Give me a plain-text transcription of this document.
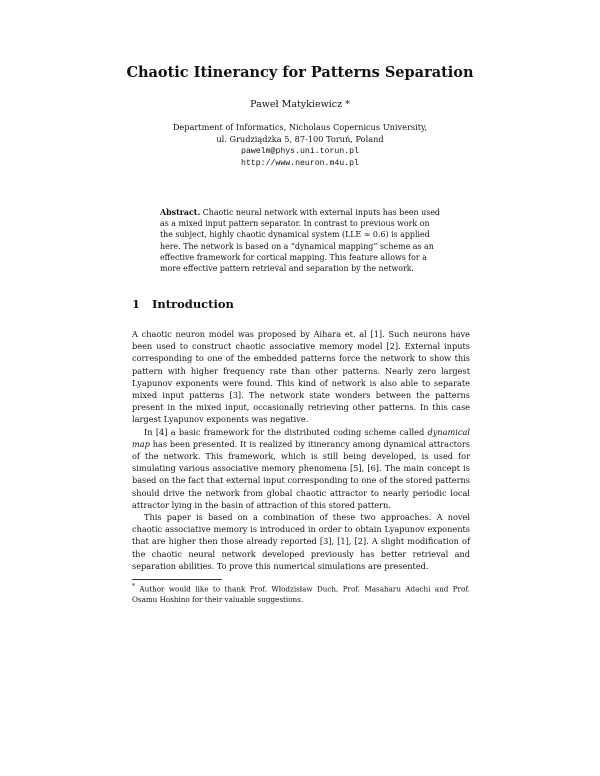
Chaotic Itinerancy for Patterns Separation
Paweł Matykiewicz *
Department of Informatics, Nicholaus Copernicus University,
ul. Grudziądzka 5, 87-100 Toruń, Poland
pawelm@phys.uni.torun.pl
http://www.neuron.m4u.pl
Abstract. Chaotic neural network with external inputs has been used as a mixed input pattern separator. In contrast to previous work on the subject, highly chaotic dynamical system (LLE ≈ 0.6) is applied here. The network is based on a “dynamical mapping” scheme as an effective framework for cortical mapping. This feature allows for a more effective pattern retrieval and separation by the network.
1 Introduction

A chaotic neuron model was proposed by Aihara et. al [1]. Such neurons have been used to construct chaotic associative memory model [2]. External inputs corresponding to one of the embedded patterns force the network to show this pattern with higher frequency rate than other patterns. Nearly zero largest Lyapunov exponents were found. This kind of network is also able to separate mixed input patterns [3]. The network state wonders between the patterns present in the mixed input, occasionally retrieving other patterns. In this case largest Lyapunov exponents was negative.

In [4] a basic framework for the distributed coding scheme called dynamical map has been presented. It is realized by itinerancy among dynamical attractors of the network. This framework, which is still being developed, is used for simulating various associative memory phenomena [5], [6]. The main concept is based on the fact that external input corresponding to one of the stored patterns should drive the network from global chaotic attractor to nearly periodic local attractor lying in the basin of attraction of this stored pattern.

This paper is based on a combination of these two approaches. A novel chaotic associative memory is introduced in order to obtain Lyapunov exponents that are higher then those already reported [3], [1], [2]. A slight modification of the chaotic neural network developed previously has better retrieval and separation abilities. To prove this numerical simulations are presented.

* Author would like to thank Prof. Włodzisław Duch, Prof. Masaharu Adachi and Prof. Osamu Hoshino for their valuable suggestions.
